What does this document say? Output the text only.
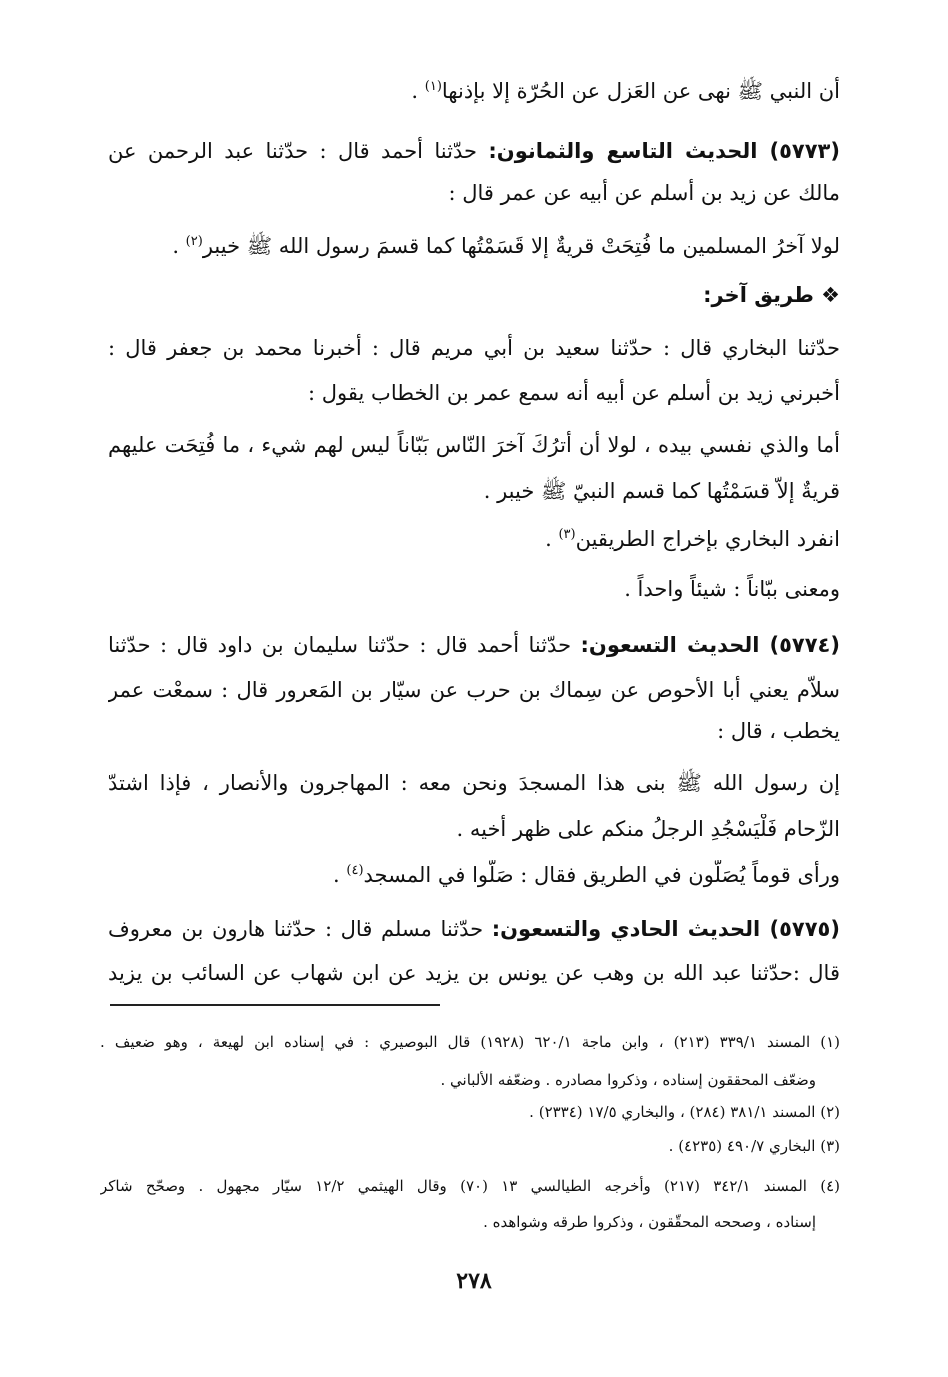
أن النبي ﷺ نهى عن العَزل عن الحُرّة إلا بإذنها$^{(١)}$ .
(٥٧٧٣) الحديث التاسع والثمانون: حدّثنا أحمد قال : حدّثنا عبد الرحمن عن
مالك عن زيد بن أسلم عن أبيه عن عمر قال :
لولا آخرُ المسلمين ما فُتِحَتْ قريةٌ إلا قَسَمْتُها كما قسمَ رسول الله ﷺ خيبر$^{(٢)}$ .
❖ طريق آخر:
حدّثنا البخاري قال : حدّثنا سعيد بن أبي مريم قال : أخبرنا محمد بن جعفر قال :
أخبرني زيد بن أسلم عن أبيه أنه سمع عمر بن الخطاب يقول :
أما والذي نفسي بيده ، لولا أن أترُكَ آخرَ النّاس بَبّاناً ليس لهم شيء ، ما فُتِحَت عليهم
قريةٌ إلاّ قسَمْتُها كما قسم النبيّ ﷺ خيبر .
انفرد البخاري بإخراج الطريقين$^{(٣)}$ .
ومعنى ببّاناً : شيئاً واحداً .
(٥٧٧٤) الحديث التسعون: حدّثنا أحمد قال : حدّثنا سليمان بن داود قال : حدّثنا
سلاّم يعني أبا الأحوص عن سِماك بن حرب عن سيّار بن المَعرور قال : سمعْت عمر
يخطب ، قال :
إن رسول الله ﷺ بنى هذا المسجدَ ونحن معه : المهاجرون والأنصار ، فإذا اشتدّ
الزّحام فَلْيَسْجُدِ الرجلُ منكم على ظهر أخيه .
ورأى قوماً يُصَلّون في الطريق فقال : صَلّوا في المسجد$^{(٤)}$ .
(٥٧٧٥) الحديث الحادي والتسعون: حدّثنا مسلم قال : حدّثنا هارون بن معروف
قال :حدّثنا عبد الله بن وهب عن يونس بن يزيد عن ابن شهاب عن السائب بن يزيد
(١) المسند ٣٣٩/١ (٢١٣) ، وابن ماجة ٦٢٠/١ (١٩٢٨) قال البوصيري : في إسناده ابن لهيعة ، وهو ضعيف .
وضعّف المحققون إسناده ، وذكروا مصادره . وضعّفه الألباني .
(٢) المسند ٣٨١/١ (٢٨٤) ، والبخاري ١٧/٥ (٢٣٣٤) .
(٣) البخاري ٤٩٠/٧ (٤٢٣٥) .
(٤) المسند ٣٤٢/١ (٢١٧) وأخرجه الطيالسي ١٣ (٧٠) وقال الهيثمي ١٢/٢ سيّار مجهول . وصحّح شاكر
إسناده ، وصححه المحقّقون ، وذكروا طرقه وشواهده .
٢٧٨
